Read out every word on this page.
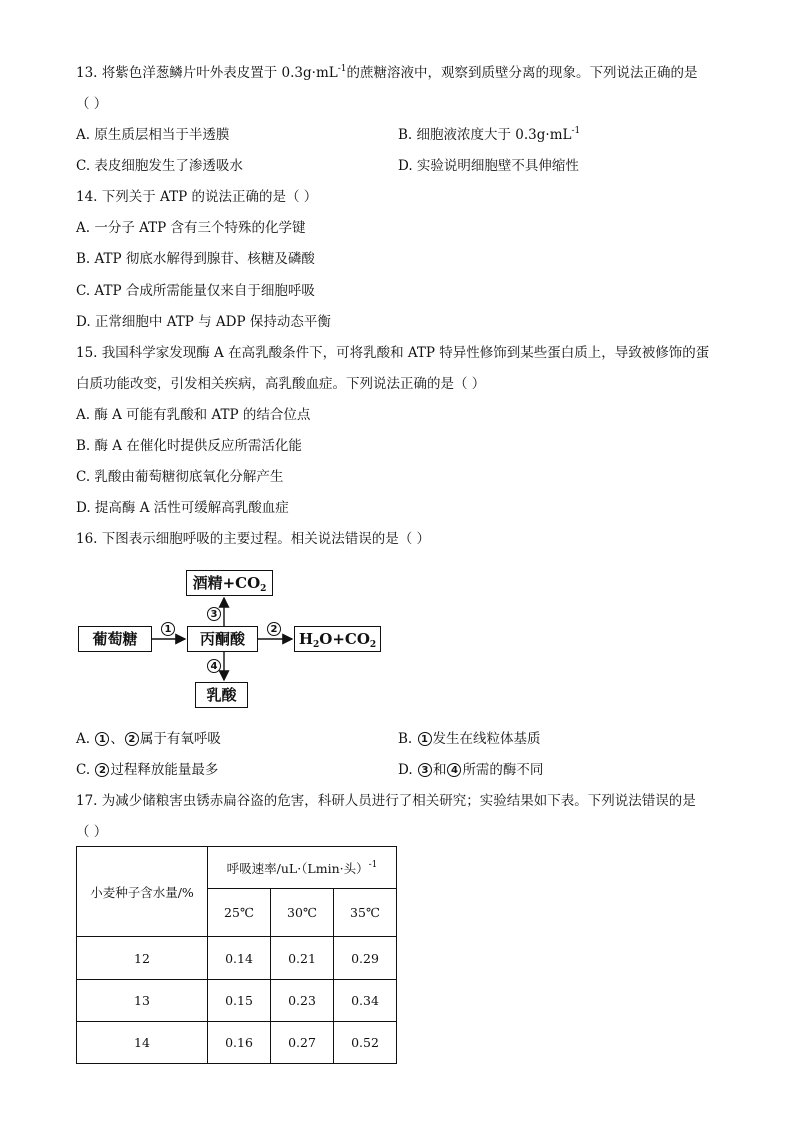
13. 将紫色洋葱鳞片叶外表皮置于 $0.3g\cdot mL^{-1}$的蔗糖溶液中，观察到质壁分离的现象。下列说法正确的是
（ ）
A. 原生质层相当于半透膜	B. 细胞液浓度大于 $0.3g\cdot mL^{-1}$
C. 表皮细胞发生了渗透吸水	D. 实验说明细胞壁不具伸缩性
14. 下列关于 ATP 的说法正确的是（ ）
A. 一分子 ATP 含有三个特殊的化学键
B. ATP 彻底水解得到腺苷、核糖及磷酸
C. ATP 合成所需能量仅来自于细胞呼吸
D. 正常细胞中 ATP 与 ADP 保持动态平衡
15. 我国科学家发现酶 A 在高乳酸条件下，可将乳酸和 ATP 特异性修饰到某些蛋白质上，导致被修饰的蛋
白质功能改变，引发相关疾病，高乳酸血症。下列说法正确的是（ ）
A. 酶 A 可能有乳酸和 ATP 的结合位点
B. 酶 A 在催化时提供反应所需活化能
C. 乳酸由葡萄糖彻底氧化分解产生
D. 提高酶 A 活性可缓解高乳酸血症
16. 下图表示细胞呼吸的主要过程。相关说法错误的是（ ）
酒精$+CO_2$
葡萄糖	丙酮酸	$H_2O+CO_2$
乳酸
1	2
3
4
A. 1 、 2 属于有氧呼吸	B. 1 发生在线粒体基质
C. 2 过程释放能量最多	D. 3 和 4 所需的酶不同
17. 为减少储粮害虫锈赤扁谷盗的危害，科研人员进行了相关研究；实验结果如下表。下列说法错误的是
（ ）
小麦种子含水量/%	呼吸速率/uL·（Lmin·头）$^{-1}$
	25℃	30℃	35℃
12	0.14	0.21	0.29
13	0.15	0.23	0.34
14	0.16	0.27	0.52
